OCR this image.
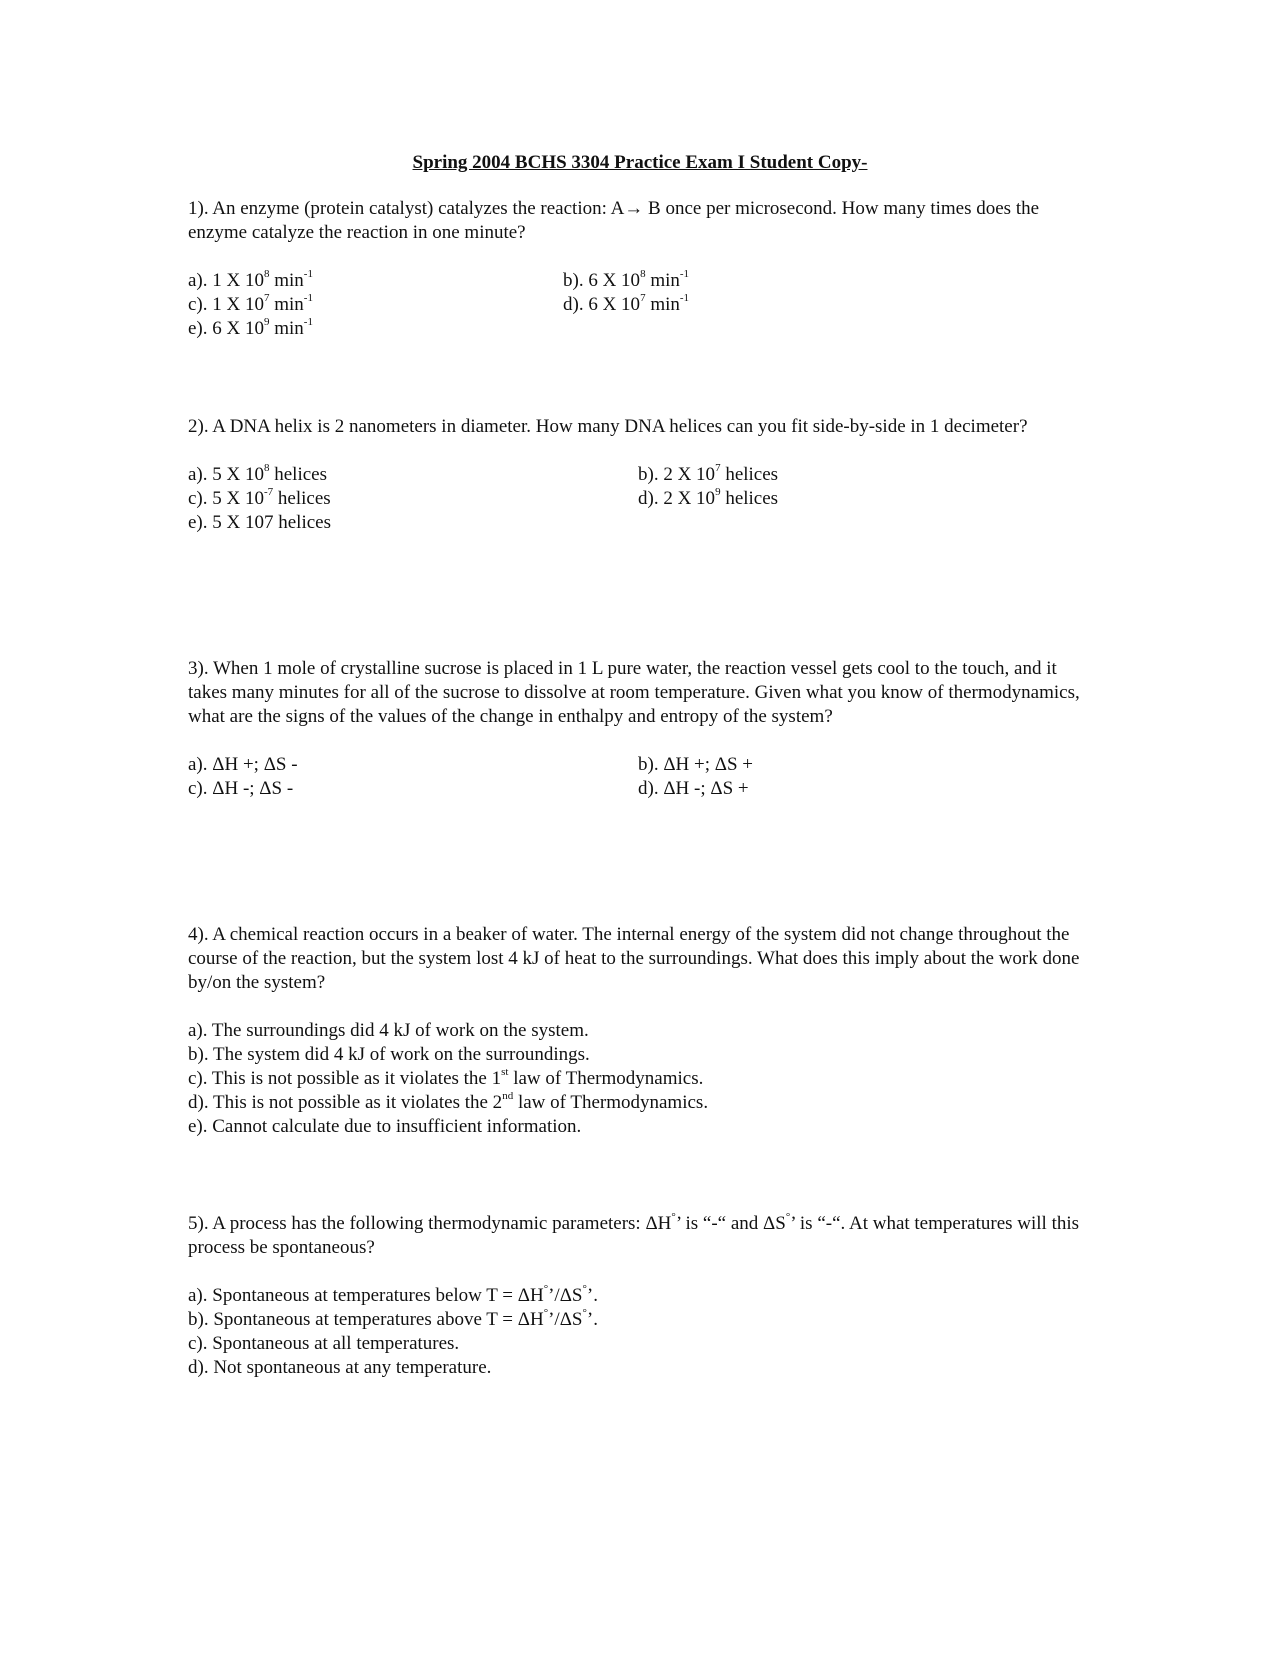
Spring 2004 BCHS 3304 Practice Exam I Student Copy-

1). An enzyme (protein catalyst) catalyzes the reaction: A→ B once per microsecond. How many times does the enzyme catalyze the reaction in one minute?

a). 1 X $10^8$ $\min^{-1}$	b). 6 X $10^8$ $\min^{-1}$
c). 1 X $10^7$ $\min^{-1}$	d). 6 X $10^7$ $\min^{-1}$
e). 6 X $10^9$ $\min^{-1}$

2). A DNA helix is 2 nanometers in diameter. How many DNA helices can you fit side-by-side in 1 decimeter?

a). 5 X $10^8$ helices	b). 2 X $10^7$ helices
c). 5 X $10^{-7}$ helices	d). 2 X $10^9$ helices
e). 5 X 107 helices

3). When 1 mole of crystalline sucrose is placed in 1 L pure water, the reaction vessel gets cool to the touch, and it takes many minutes for all of the sucrose to dissolve at room temperature. Given what you know of thermodynamics, what are the signs of the values of the change in enthalpy and entropy of the system?

a). ΔH +; ΔS -	b). ΔH +; ΔS +
c). ΔH -; ΔS -	d). ΔH -; ΔS +

4). A chemical reaction occurs in a beaker of water. The internal energy of the system did not change throughout the course of the reaction, but the system lost 4 kJ of heat to the surroundings. What does this imply about the work done by/on the system?

a). The surroundings did 4 kJ of work on the system.
b). The system did 4 kJ of work on the surroundings.
c). This is not possible as it violates the 1st law of Thermodynamics.
d). This is not possible as it violates the 2nd law of Thermodynamics.
e). Cannot calculate due to insufficient information.

5). A process has the following thermodynamic parameters: ΔH°’ is “-“ and ΔS°’ is “-“. At what temperatures will this process be spontaneous?

a). Spontaneous at temperatures below T = ΔH°’/ΔS°’.
b). Spontaneous at temperatures above T = ΔH°’/ΔS°’.
c). Spontaneous at all temperatures.
d). Not spontaneous at any temperature.
